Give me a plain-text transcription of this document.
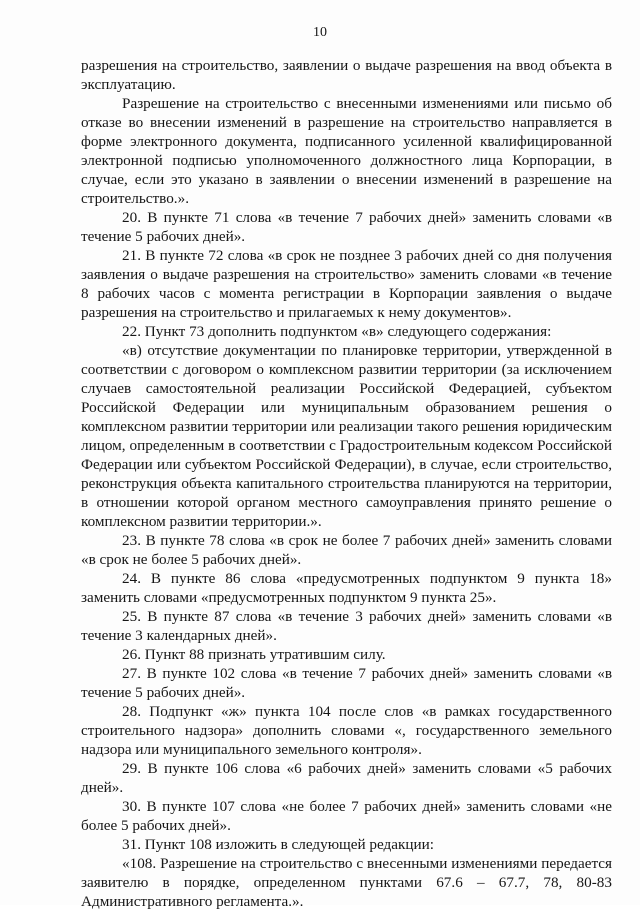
10

разрешения на строительство, заявлении о выдаче разрешения на ввод объекта в эксплуатацию.

Разрешение на строительство с внесенными изменениями или письмо об отказе во внесении изменений в разрешение на строительство направляется в форме электронного документа, подписанного усиленной квалифицированной электронной подписью уполномоченного должностного лица Корпорации, в случае, если это указано в заявлении о внесении изменений в разрешение на строительство.».

20. В пункте 71 слова «в течение 7 рабочих дней» заменить словами «в течение 5 рабочих дней».

21. В пункте 72 слова «в срок не позднее 3 рабочих дней со дня получения заявления о выдаче разрешения на строительство» заменить словами «в течение 8 рабочих часов с момента регистрации в Корпорации заявления о выдаче разрешения на строительство и прилагаемых к нему документов».

22. Пункт 73 дополнить подпунктом «в» следующего содержания:

«в) отсутствие документации по планировке территории, утвержденной в соответствии с договором о комплексном развитии территории (за исключением случаев самостоятельной реализации Российской Федерацией, субъектом Российской Федерации или муниципальным образованием решения о комплексном развитии территории или реализации такого решения юридическим лицом, определенным в соответствии с Градостроительным кодексом Российской Федерации или субъектом Российской Федерации), в случае, если строительство, реконструкция объекта капитального строительства планируются на территории, в отношении которой органом местного самоуправления принято решение о комплексном развитии территории.».

23. В пункте 78 слова «в срок не более 7 рабочих дней» заменить словами «в срок не более 5 рабочих дней».

24. В пункте 86 слова «предусмотренных подпунктом 9 пункта 18» заменить словами «предусмотренных подпунктом 9 пункта 25».

25. В пункте 87 слова «в течение 3 рабочих дней» заменить словами «в течение 3 календарных дней».

26. Пункт 88 признать утратившим силу.

27. В пункте 102 слова «в течение 7 рабочих дней» заменить словами «в течение 5 рабочих дней».

28. Подпункт «ж» пункта 104 после слов «в рамках государственного строительного надзора» дополнить словами «, государственного земельного надзора или муниципального земельного контроля».

29. В пункте 106 слова «6 рабочих дней» заменить словами «5 рабочих дней».

30. В пункте 107 слова «не более 7 рабочих дней» заменить словами «не более 5 рабочих дней».

31. Пункт 108 изложить в следующей редакции:

«108. Разрешение на строительство с внесенными изменениями передается заявителю в порядке, определенном пунктами 67.6 – 67.7, 78, 80-83 Административного регламента.».
